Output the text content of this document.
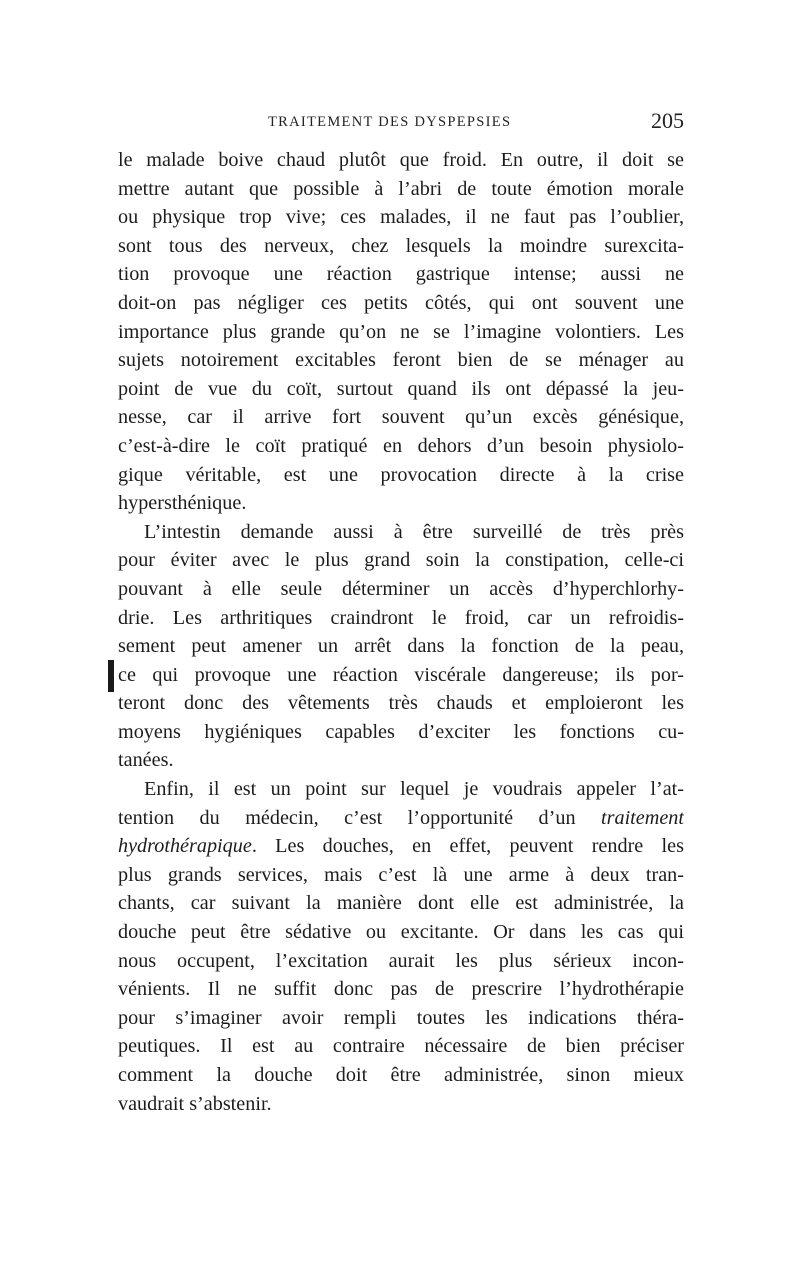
TRAITEMENT DES DYSPEPSIES	205
le malade boive chaud plutôt que froid. En outre, il doit se
mettre autant que possible à l’abri de toute émotion morale
ou physique trop vive; ces malades, il ne faut pas l’oublier,
sont tous des nerveux, chez lesquels la moindre surexcita-
tion provoque une réaction gastrique intense; aussi ne
doit-on pas négliger ces petits côtés, qui ont souvent une
importance plus grande qu’on ne se l’imagine volontiers. Les
sujets notoirement excitables feront bien de se ménager au
point de vue du coït, surtout quand ils ont dépassé la jeu-
nesse, car il arrive fort souvent qu’un excès génésique,
c’est-à-dire le coït pratiqué en dehors d’un besoin physiolo-
gique véritable, est une provocation directe à la crise
hypersthénique.
L’intestin demande aussi à être surveillé de très près
pour éviter avec le plus grand soin la constipation, celle-ci
pouvant à elle seule déterminer un accès d’hyperchlorhy-
drie. Les arthritiques craindront le froid, car un refroidis-
sement peut amener un arrêt dans la fonction de la peau,
ce qui provoque une réaction viscérale dangereuse; ils por-
teront donc des vêtements très chauds et emploieront les
moyens hygiéniques capables d’exciter les fonctions cu-
tanées.
Enfin, il est un point sur lequel je voudrais appeler l’at-
tention du médecin, c’est l’opportunité d’un traitement
hydrothérapique. Les douches, en effet, peuvent rendre les
plus grands services, mais c’est là une arme à deux tran-
chants, car suivant la manière dont elle est administrée, la
douche peut être sédative ou excitante. Or dans les cas qui
nous occupent, l’excitation aurait les plus sérieux incon-
vénients. Il ne suffit donc pas de prescrire l’hydrothérapie
pour s’imaginer avoir rempli toutes les indications théra-
peutiques. Il est au contraire nécessaire de bien préciser
comment la douche doit être administrée, sinon mieux
vaudrait s’abstenir.
